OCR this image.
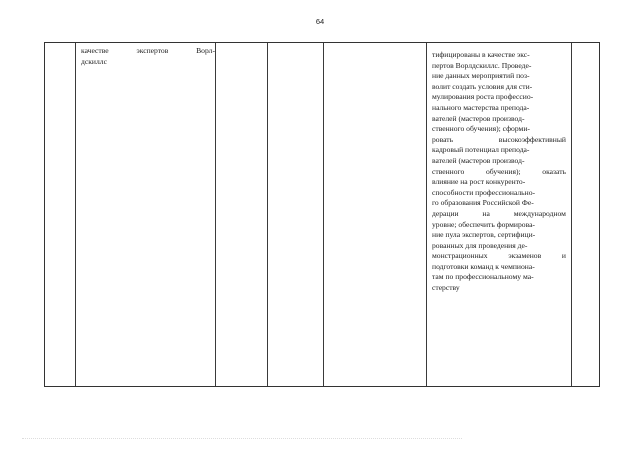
64
качестве экспертов Ворл-
дскиллс
тифицированы в качестве экс-
пертов Ворлдскиллс. Проведе-
ние данных мероприятий поз-
волит создать условия для сти-
мулирования роста профессио-
нального мастерства препода-
вателей (мастеров производ-
ственного обучения); сформи-
ровать высокоэффективный
кадровый потенциал препода-
вателей (мастеров производ-
ственного обучения); оказать
влияние на рост конкуренто-
способности профессионально-
го образования Российской Фе-
дерации на международном
уровне; обеспечить формирова-
ние пула экспертов, сертифици-
рованных для проведения де-
монстрационных экзаменов и
подготовки команд к чемпиона-
там по профессиональному ма-
стерству
